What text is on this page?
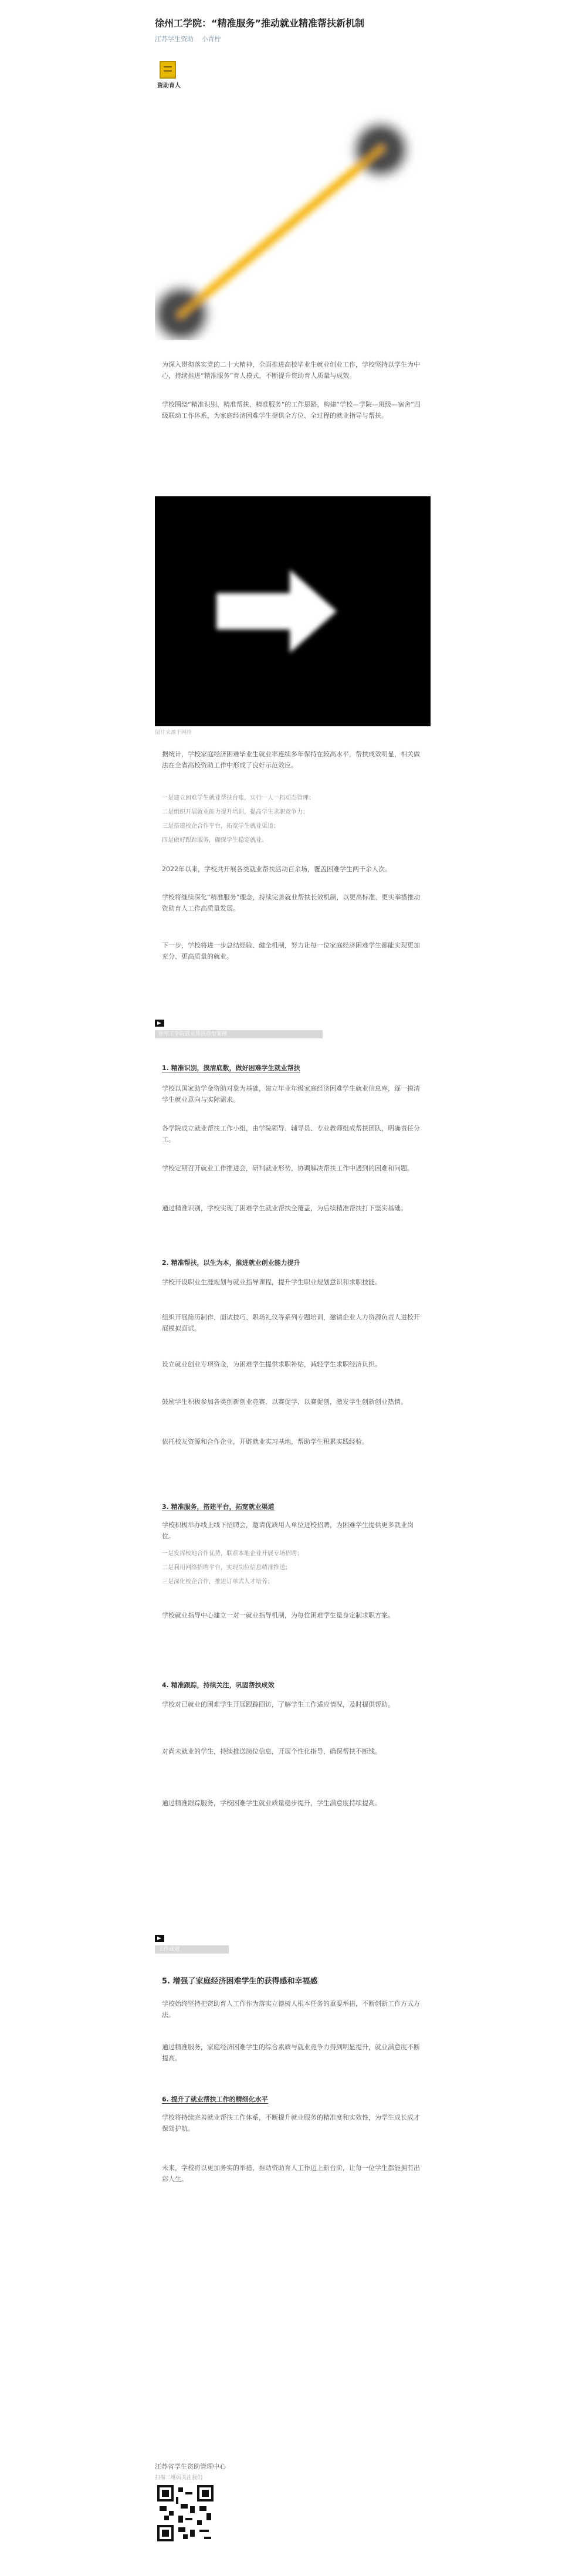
徐州工学院：“精准服务”推动就业精准帮扶新机制
江苏学生资助 小青柠
资助育人
为深入贯彻落实党的二十大精神，全面推进高校毕业生就业创业工作，学校坚持以学生为中心，持续推进“精准服务”育人模式，不断提升资助育人质量与成效。
学校围绕“精准识别、精准帮扶、精准服务”的工作思路，构建“学校—学院—班级—宿舍”四级联动工作体系，为家庭经济困难学生提供全方位、全过程的就业指导与帮扶。
图片来源于网络
据统计，学校家庭经济困难毕业生就业率连续多年保持在较高水平，帮扶成效明显，相关做法在全省高校资助工作中形成了良好示范效应。
一是建立困难学生就业帮扶台账，实行一人一档动态管理；
二是组织开展就业能力提升培训，提高学生求职竞争力；
三是搭建校企合作平台，拓宽学生就业渠道；
四是做好跟踪服务，确保学生稳定就业。
2022年以来，学校共开展各类就业帮扶活动百余场，覆盖困难学生两千余人次。
学校将继续深化“精准服务”理念，持续完善就业帮扶长效机制，以更高标准、更实举措推动资助育人工作高质量发展。
下一步，学校将进一步总结经验、健全机制，努力让每一位家庭经济困难学生都能实现更加充分、更高质量的就业。
徐州工学院就业帮扶典型案例
1. 精准识别，摸清底数，做好困难学生就业帮扶
学校以国家助学金资助对象为基础，建立毕业年级家庭经济困难学生就业信息库，逐一摸清学生就业意向与实际需求。
各学院成立就业帮扶工作小组，由学院领导、辅导员、专业教师组成帮扶团队，明确责任分工。
学校定期召开就业工作推进会，研判就业形势，协调解决帮扶工作中遇到的困难和问题。
通过精准识别，学校实现了困难学生就业帮扶全覆盖，为后续精准帮扶打下坚实基础。
2. 精准帮扶，以生为本，推进就业创业能力提升
学校开设职业生涯规划与就业指导课程，提升学生职业规划意识和求职技能。
组织开展简历制作、面试技巧、职场礼仪等系列专题培训，邀请企业人力资源负责人进校开展模拟面试。
设立就业创业专项资金，为困难学生提供求职补贴，减轻学生求职经济负担。
鼓励学生积极参加各类创新创业竞赛，以赛促学、以赛促创，激发学生创新创业热情。
依托校友资源和合作企业，开辟就业实习基地，帮助学生积累实践经验。
3. 精准服务，搭建平台，拓宽就业渠道
学校积极举办线上线下招聘会，邀请优质用人单位进校招聘，为困难学生提供更多就业岗位。
一是发挥校地合作优势，联系本地企业开展专场招聘；
二是利用网络招聘平台，实现岗位信息精准推送；
三是深化校企合作，推进订单式人才培养；
学校就业指导中心建立一对一就业指导机制，为每位困难学生量身定制求职方案。
4. 精准跟踪，持续关注，巩固帮扶成效
学校对已就业的困难学生开展跟踪回访，了解学生工作适应情况，及时提供帮助。
对尚未就业的学生，持续推送岗位信息，开展个性化指导，确保帮扶不断线。
通过精准跟踪服务，学校困难学生就业质量稳步提升，学生满意度持续提高。
工作成效
5. 增强了家庭经济困难学生的获得感和幸福感
学校始终坚持把资助育人工作作为落实立德树人根本任务的重要举措，不断创新工作方式方法。
通过精准服务，家庭经济困难学生的综合素质与就业竞争力得到明显提升，就业满意度不断提高。
6. 提升了就业帮扶工作的精细化水平
学校将持续完善就业帮扶工作体系，不断提升就业服务的精准度和实效性，为学生成长成才保驾护航。
未来，学校将以更加务实的举措，推动资助育人工作迈上新台阶，让每一位学生都能拥有出彩人生。
江苏省学生资助管理中心
扫描二维码关注我们
